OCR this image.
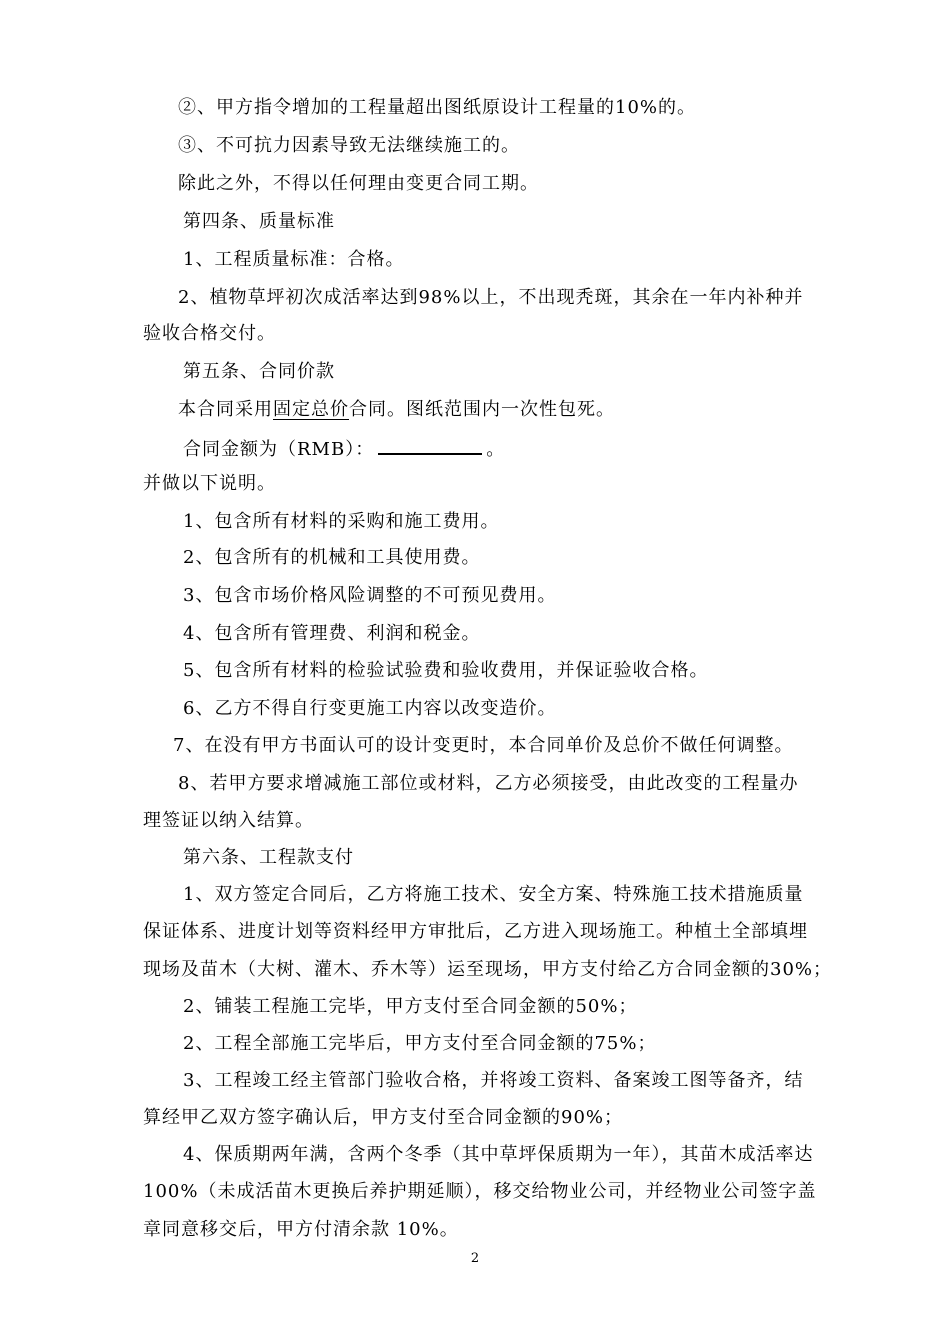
②、甲方指令增加的工程量超出图纸原设计工程量的10%的。
③、不可抗力因素导致无法继续施工的。
除此之外，不得以任何理由变更合同工期。
第四条、质量标准
1、工程质量标准：合格。
2、植物草坪初次成活率达到98%以上，不出现秃斑，其余在一年内补种并
验收合格交付。
第五条、合同价款
本合同采用固定总价合同。图纸范围内一次性包死。
合同金额为（RMB）：	。
并做以下说明。
1、包含所有材料的采购和施工费用。
2、包含所有的机械和工具使用费。
3、包含市场价格风险调整的不可预见费用。
4、包含所有管理费、利润和税金。
5、包含所有材料的检验试验费和验收费用，并保证验收合格。
6、乙方不得自行变更施工内容以改变造价。
7、在没有甲方书面认可的设计变更时，本合同单价及总价不做任何调整。
8、若甲方要求增减施工部位或材料，乙方必须接受，由此改变的工程量办
理签证以纳入结算。
第六条、工程款支付
1、双方签定合同后，乙方将施工技术、安全方案、特殊施工技术措施质量
保证体系、进度计划等资料经甲方审批后，乙方进入现场施工。种植土全部填埋
现场及苗木（大树、灌木、乔木等）运至现场，甲方支付给乙方合同金额的30%；
2、铺装工程施工完毕，甲方支付至合同金额的50%；
2、工程全部施工完毕后，甲方支付至合同金额的75%；
3、工程竣工经主管部门验收合格，并将竣工资料、备案竣工图等备齐，结
算经甲乙双方签字确认后，甲方支付至合同金额的90%；
4、保质期两年满，含两个冬季（其中草坪保质期为一年），其苗木成活率达
100%（未成活苗木更换后养护期延顺），移交给物业公司，并经物业公司签字盖
章同意移交后，甲方付清余款 10%。
2
